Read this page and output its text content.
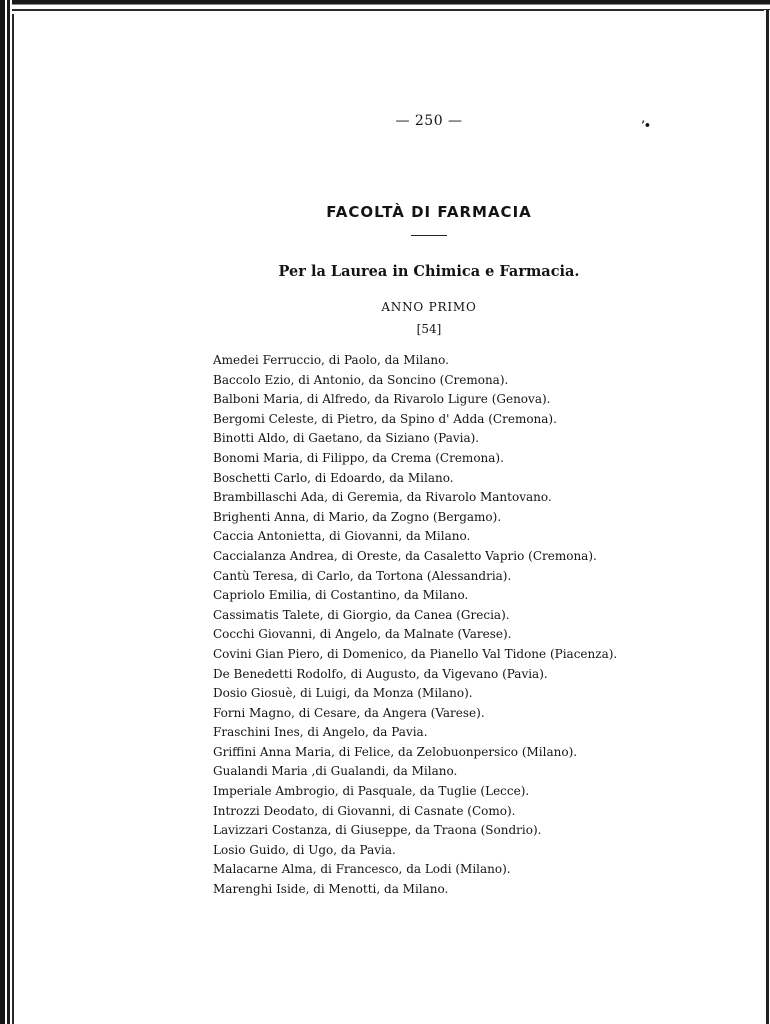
— 250 —	ʼ•
FACOLTÀ DI FARMACIA
Per la Laurea in Chimica e Farmacia.
ANNO PRIMO
[54]
Amedei Ferruccio, di Paolo, da Milano.
Baccolo Ezio, di Antonio, da Soncino (Cremona).
Balboni Maria, di Alfredo, da Rivarolo Ligure (Genova).
Bergomi Celeste, di Pietro, da Spino d' Adda (Cremona).
Binotti Aldo, di Gaetano, da Siziano (Pavia).
Bonomi Maria, di Filippo, da Crema (Cremona).
Boschetti Carlo, di Edoardo, da Milano.
Brambillaschi Ada, di Geremia, da Rivarolo Mantovano.
Brighenti Anna, di Mario, da Zogno (Bergamo).
Caccia Antonietta, di Giovanni, da Milano.
Caccialanza Andrea, di Oreste, da Casaletto Vaprio (Cremona).
Cantù Teresa, di Carlo, da Tortona (Alessandria).
Capriolo Emilia, di Costantino, da Milano.
Cassimatis Talete, di Giorgio, da Canea (Grecia).
Cocchi Giovanni, di Angelo, da Malnate (Varese).
Covini Gian Piero, di Domenico, da Pianello Val Tidone (Piacenza).
De Benedetti Rodolfo, di Augusto, da Vigevano (Pavia).
Dosio Giosuè, di Luigi, da Monza (Milano).
Forni Magno, di Cesare, da Angera (Varese).
Fraschini Ines, di Angelo, da Pavia.
Griffini Anna Maria, di Felice, da Zelobuonpersico (Milano).
Gualandi Maria ,di Gualandi, da Milano.
Imperiale Ambrogio, di Pasquale, da Tuglie (Lecce).
Introzzi Deodato, di Giovanni, di Casnate (Como).
Lavizzari Costanza, di Giuseppe, da Traona (Sondrio).
Losio Guido, di Ugo, da Pavia.
Malacarne Alma, di Francesco, da Lodi (Milano).
Marenghi Iside, di Menotti, da Milano.
